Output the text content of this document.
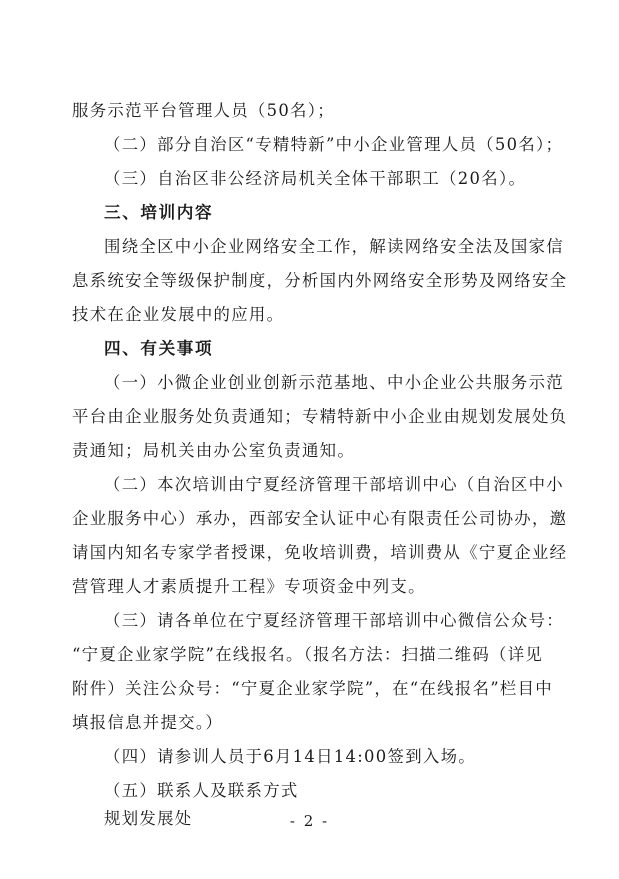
服务示范平台管理人员（50名）；
（二）部分自治区“专精特新”中小企业管理人员（50名）；
（三）自治区非公经济局机关全体干部职工（20名）。
三、培训内容
围绕全区中小企业网络安全工作，解读网络安全法及国家信
息系统安全等级保护制度，分析国内外网络安全形势及网络安全
技术在企业发展中的应用。
四、有关事项
（一）小微企业创业创新示范基地、中小企业公共服务示范
平台由企业服务处负责通知；专精特新中小企业由规划发展处负
责通知；局机关由办公室负责通知。
（二）本次培训由宁夏经济管理干部培训中心（自治区中小
企业服务中心）承办，西部安全认证中心有限责任公司协办，邀
请国内知名专家学者授课，免收培训费，培训费从《宁夏企业经
营管理人才素质提升工程》专项资金中列支。
（三）请各单位在宁夏经济管理干部培训中心微信公众号：
“宁夏企业家学院”在线报名。（报名方法：扫描二维码（详见
附件）关注公众号：“宁夏企业家学院”，在“在线报名”栏目中
填报信息并提交。）
（四）请参训人员于6月14日14:00签到入场。
（五）联系人及联系方式
规划发展处	- 2 -
